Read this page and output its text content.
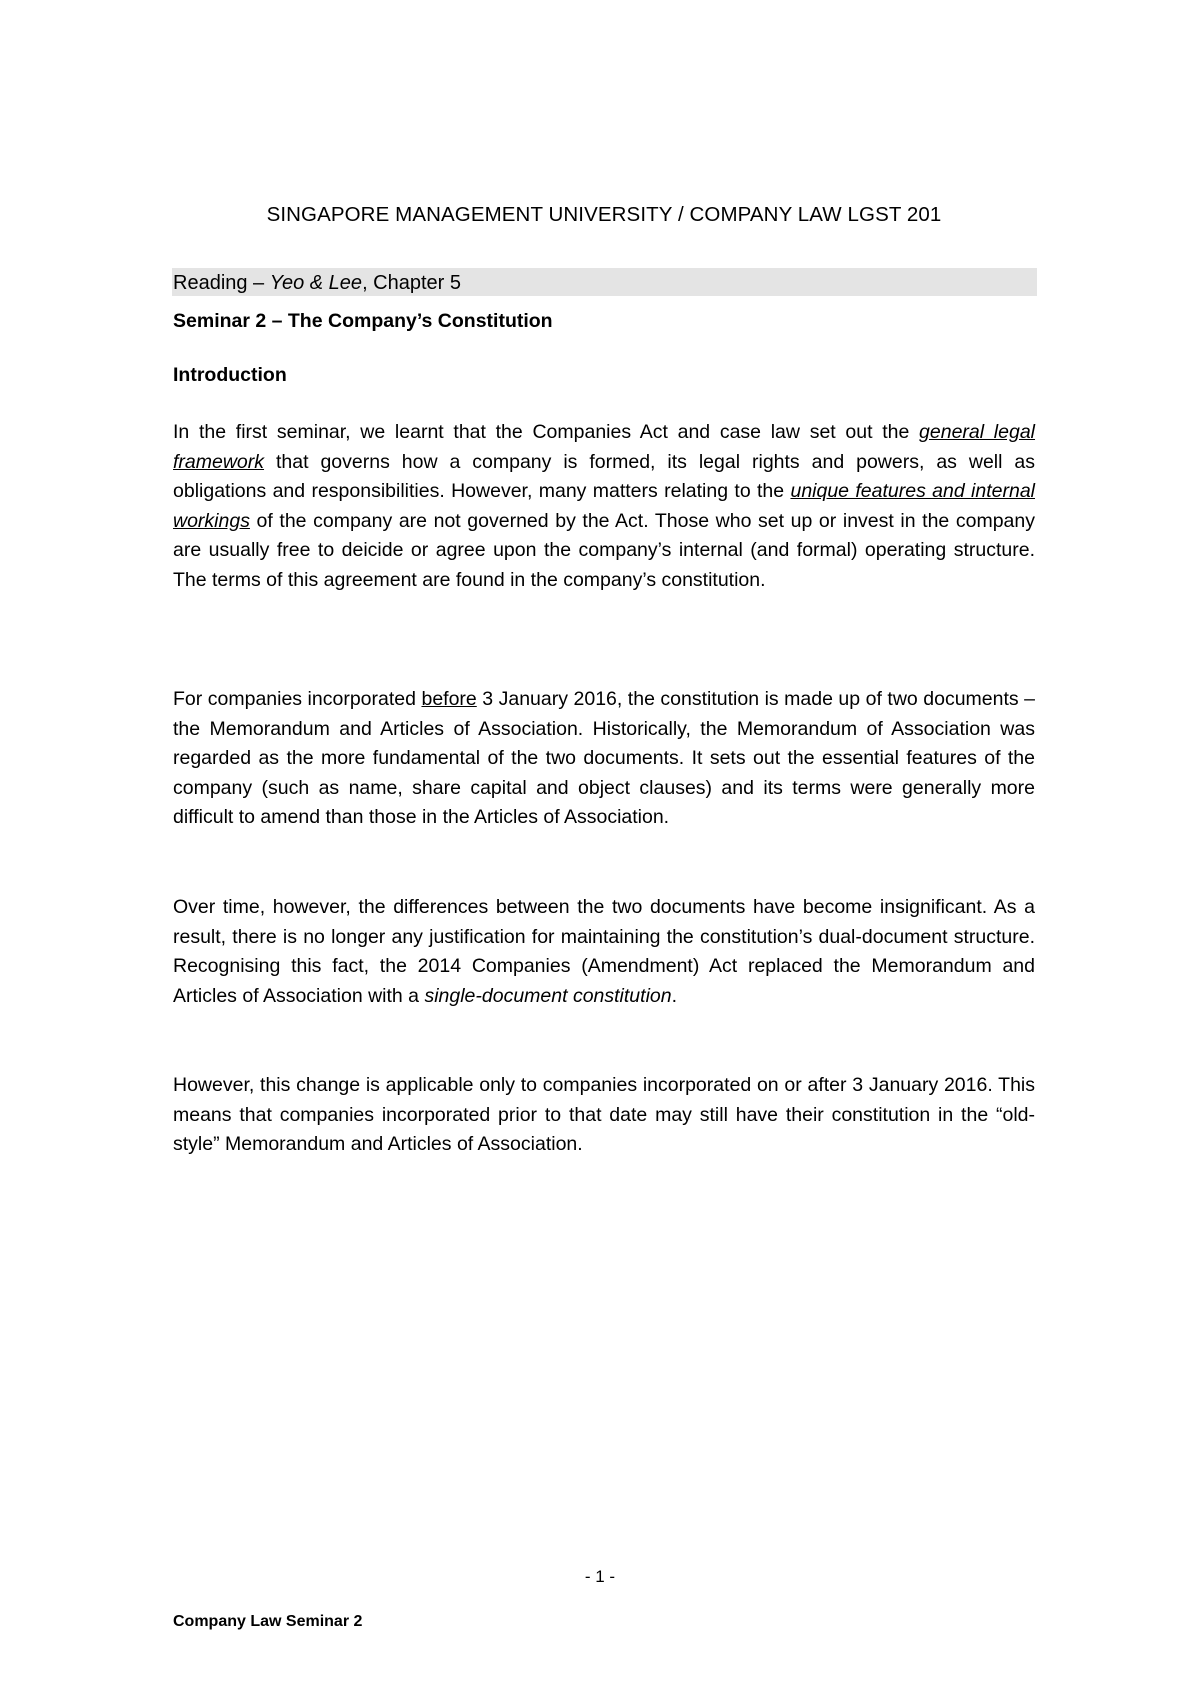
SINGAPORE MANAGEMENT UNIVERSITY / COMPANY LAW LGST 201
Reading – Yeo & Lee, Chapter 5
Seminar 2 – The Company’s Constitution
Introduction

In the first seminar, we learnt that the Companies Act and case law set out the general legal framework that governs how a company is formed, its legal rights and powers, as well as obligations and responsibilities. However, many matters relating to the unique features and internal workings of the company are not governed by the Act. Those who set up or invest in the company are usually free to deicide or agree upon the company’s internal (and formal) operating structure. The terms of this agreement are found in the company’s constitution.

For companies incorporated before 3 January 2016, the constitution is made up of two documents – the Memorandum and Articles of Association. Historically, the Memorandum of Association was regarded as the more fundamental of the two documents. It sets out the essential features of the company (such as name, share capital and object clauses) and its terms were generally more difficult to amend than those in the Articles of Association.

Over time, however, the differences between the two documents have become insignificant. As a result, there is no longer any justification for maintaining the constitution’s dual-document structure. Recognising this fact, the 2014 Companies (Amendment) Act replaced the Memorandum and Articles of Association with a single-document constitution.

However, this change is applicable only to companies incorporated on or after 3 January 2016. This means that companies incorporated prior to that date may still have their constitution in the “old-style” Memorandum and Articles of Association.

- 1 -
Company Law Seminar 2
